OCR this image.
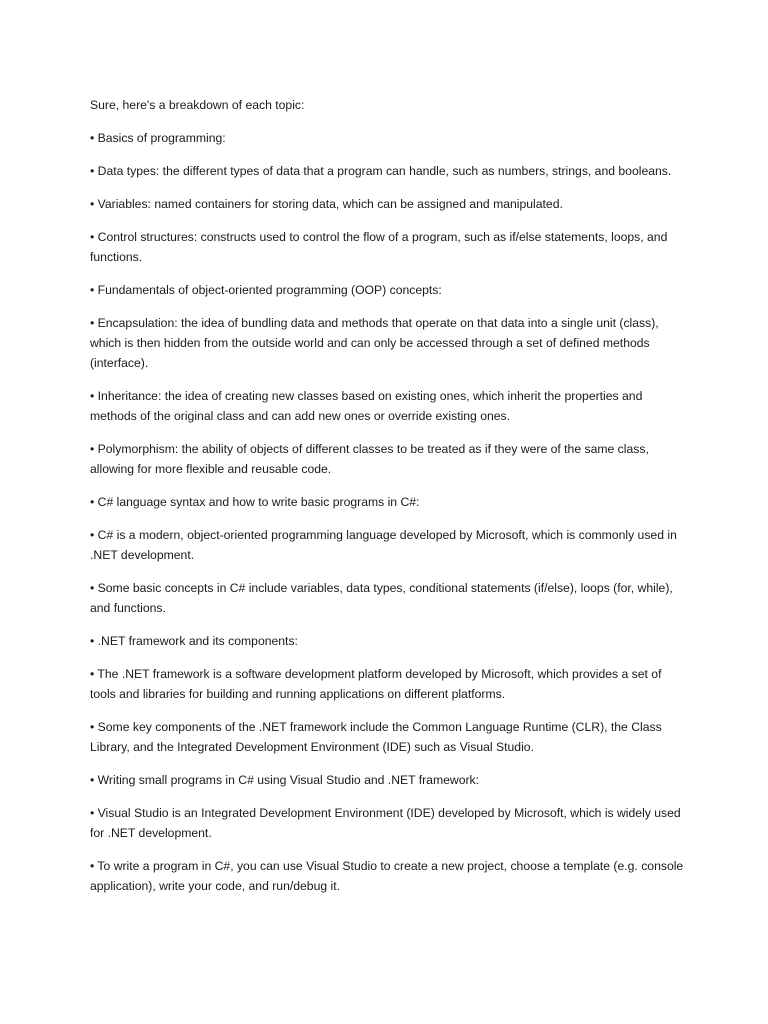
Sure, here's a breakdown of each topic:

• Basics of programming:

• Data types: the different types of data that a program can handle, such as numbers, strings, and booleans.

• Variables: named containers for storing data, which can be assigned and manipulated.

• Control structures: constructs used to control the flow of a program, such as if/else statements, loops, and functions.

• Fundamentals of object-oriented programming (OOP) concepts:

• Encapsulation: the idea of bundling data and methods that operate on that data into a single unit (class), which is then hidden from the outside world and can only be accessed through a set of defined methods (interface).

• Inheritance: the idea of creating new classes based on existing ones, which inherit the properties and methods of the original class and can add new ones or override existing ones.

• Polymorphism: the ability of objects of different classes to be treated as if they were of the same class, allowing for more flexible and reusable code.

• C# language syntax and how to write basic programs in C#:

• C# is a modern, object-oriented programming language developed by Microsoft, which is commonly used in .NET development.

• Some basic concepts in C# include variables, data types, conditional statements (if/else), loops (for, while), and functions.

• .NET framework and its components:

• The .NET framework is a software development platform developed by Microsoft, which provides a set of tools and libraries for building and running applications on different platforms.

• Some key components of the .NET framework include the Common Language Runtime (CLR), the Class Library, and the Integrated Development Environment (IDE) such as Visual Studio.

• Writing small programs in C# using Visual Studio and .NET framework:

• Visual Studio is an Integrated Development Environment (IDE) developed by Microsoft, which is widely used for .NET development.

• To write a program in C#, you can use Visual Studio to create a new project, choose a template (e.g. console application), write your code, and run/debug it.
